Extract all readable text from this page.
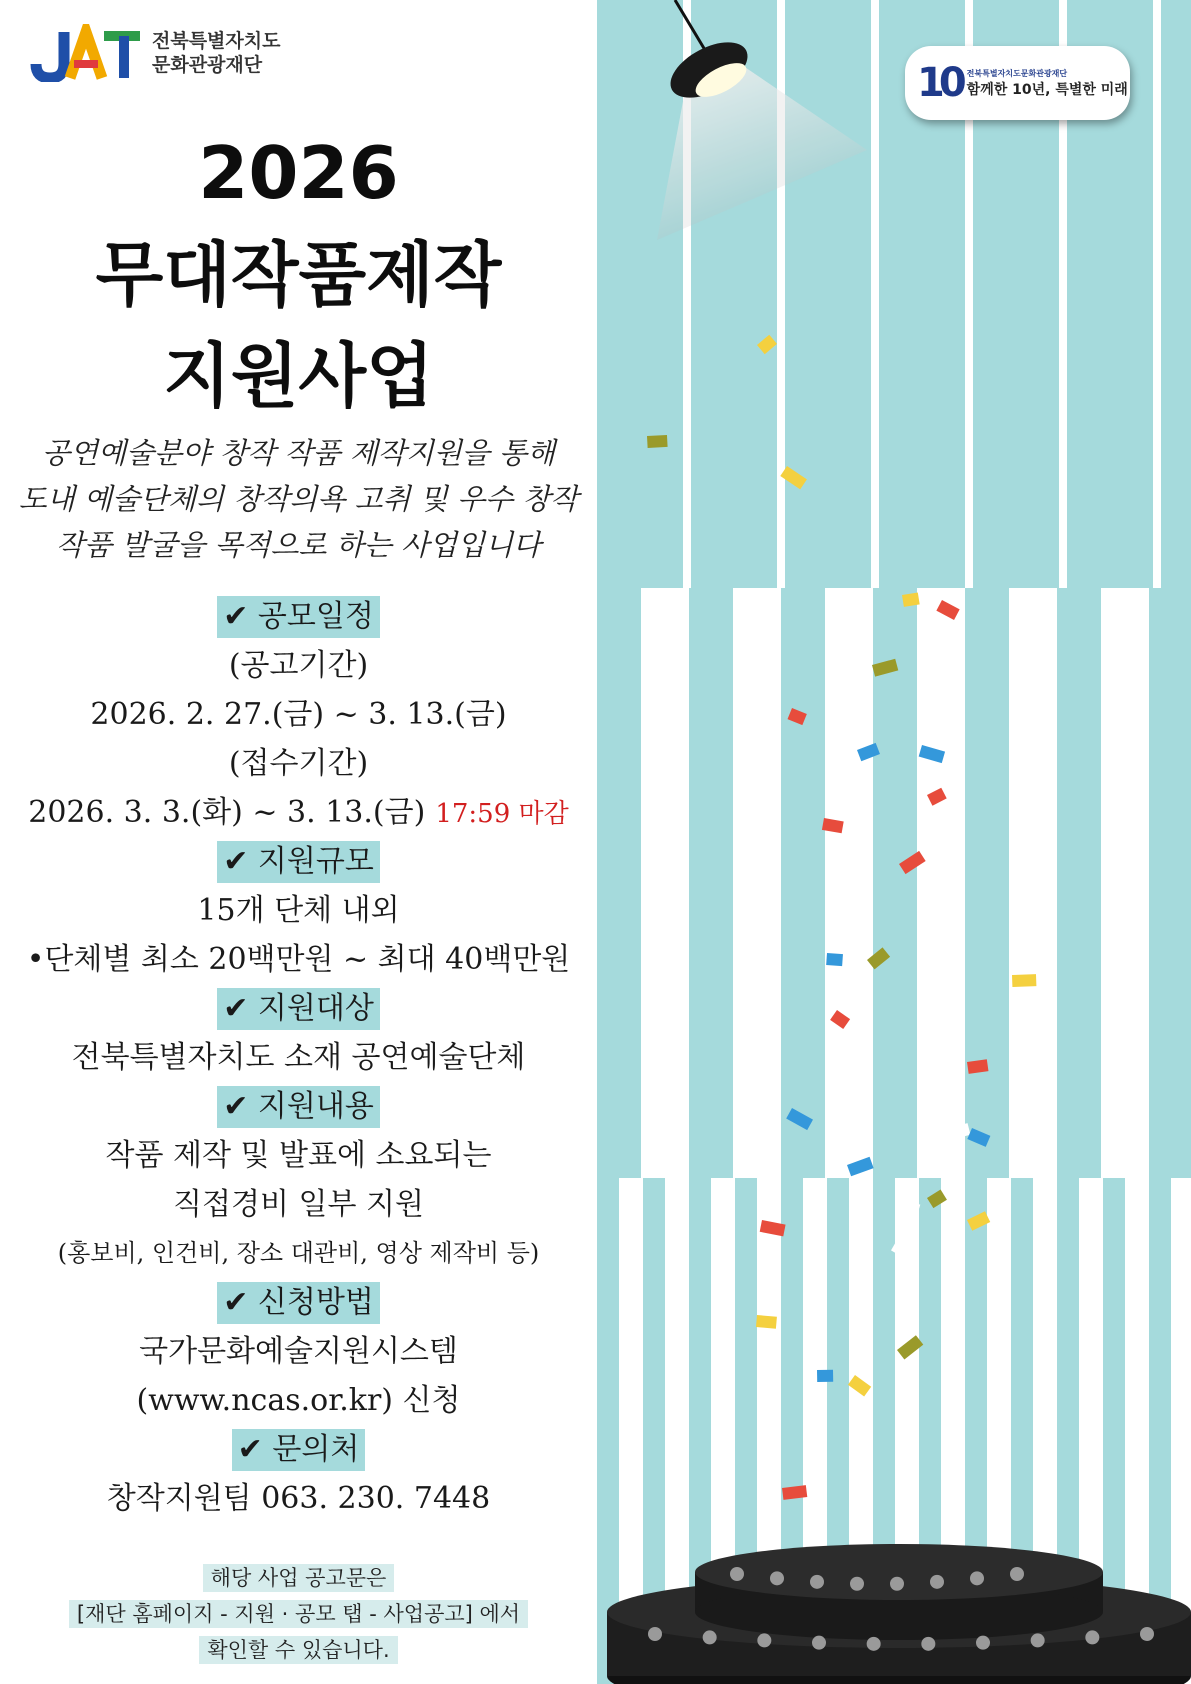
전북특별자치도
문화관광재단	10 전북특별자치도문화관광재단
함께한 10년, 특별한 미래
2026
무대작품제작
지원사업
공연예술분야 창작 작품 제작지원을 통해
도내 예술단체의 창작의욕 고취 및 우수 창작
작품 발굴을 목적으로 하는 사업입니다
✔ 공모일정
(공고기간)
2026. 2. 27.(금) ~ 3. 13.(금)
(접수기간)
2026. 3. 3.(화) ~ 3. 13.(금) 17:59 마감
✔ 지원규모
15개 단체 내외
•단체별 최소 20백만원 ~ 최대 40백만원
✔ 지원대상
전북특별자치도 소재 공연예술단체
✔ 지원내용
작품 제작 및 발표에 소요되는
직접경비 일부 지원
(홍보비, 인건비, 장소 대관비, 영상 제작비 등)
✔ 신청방법
국가문화예술지원시스템
(www.ncas.or.kr) 신청
✔ 문의처
창작지원팀 063. 230. 7448
해당 사업 공고문은
[재단 홈페이지 - 지원 · 공모 탭 - 사업공고] 에서
확인할 수 있습니다.
